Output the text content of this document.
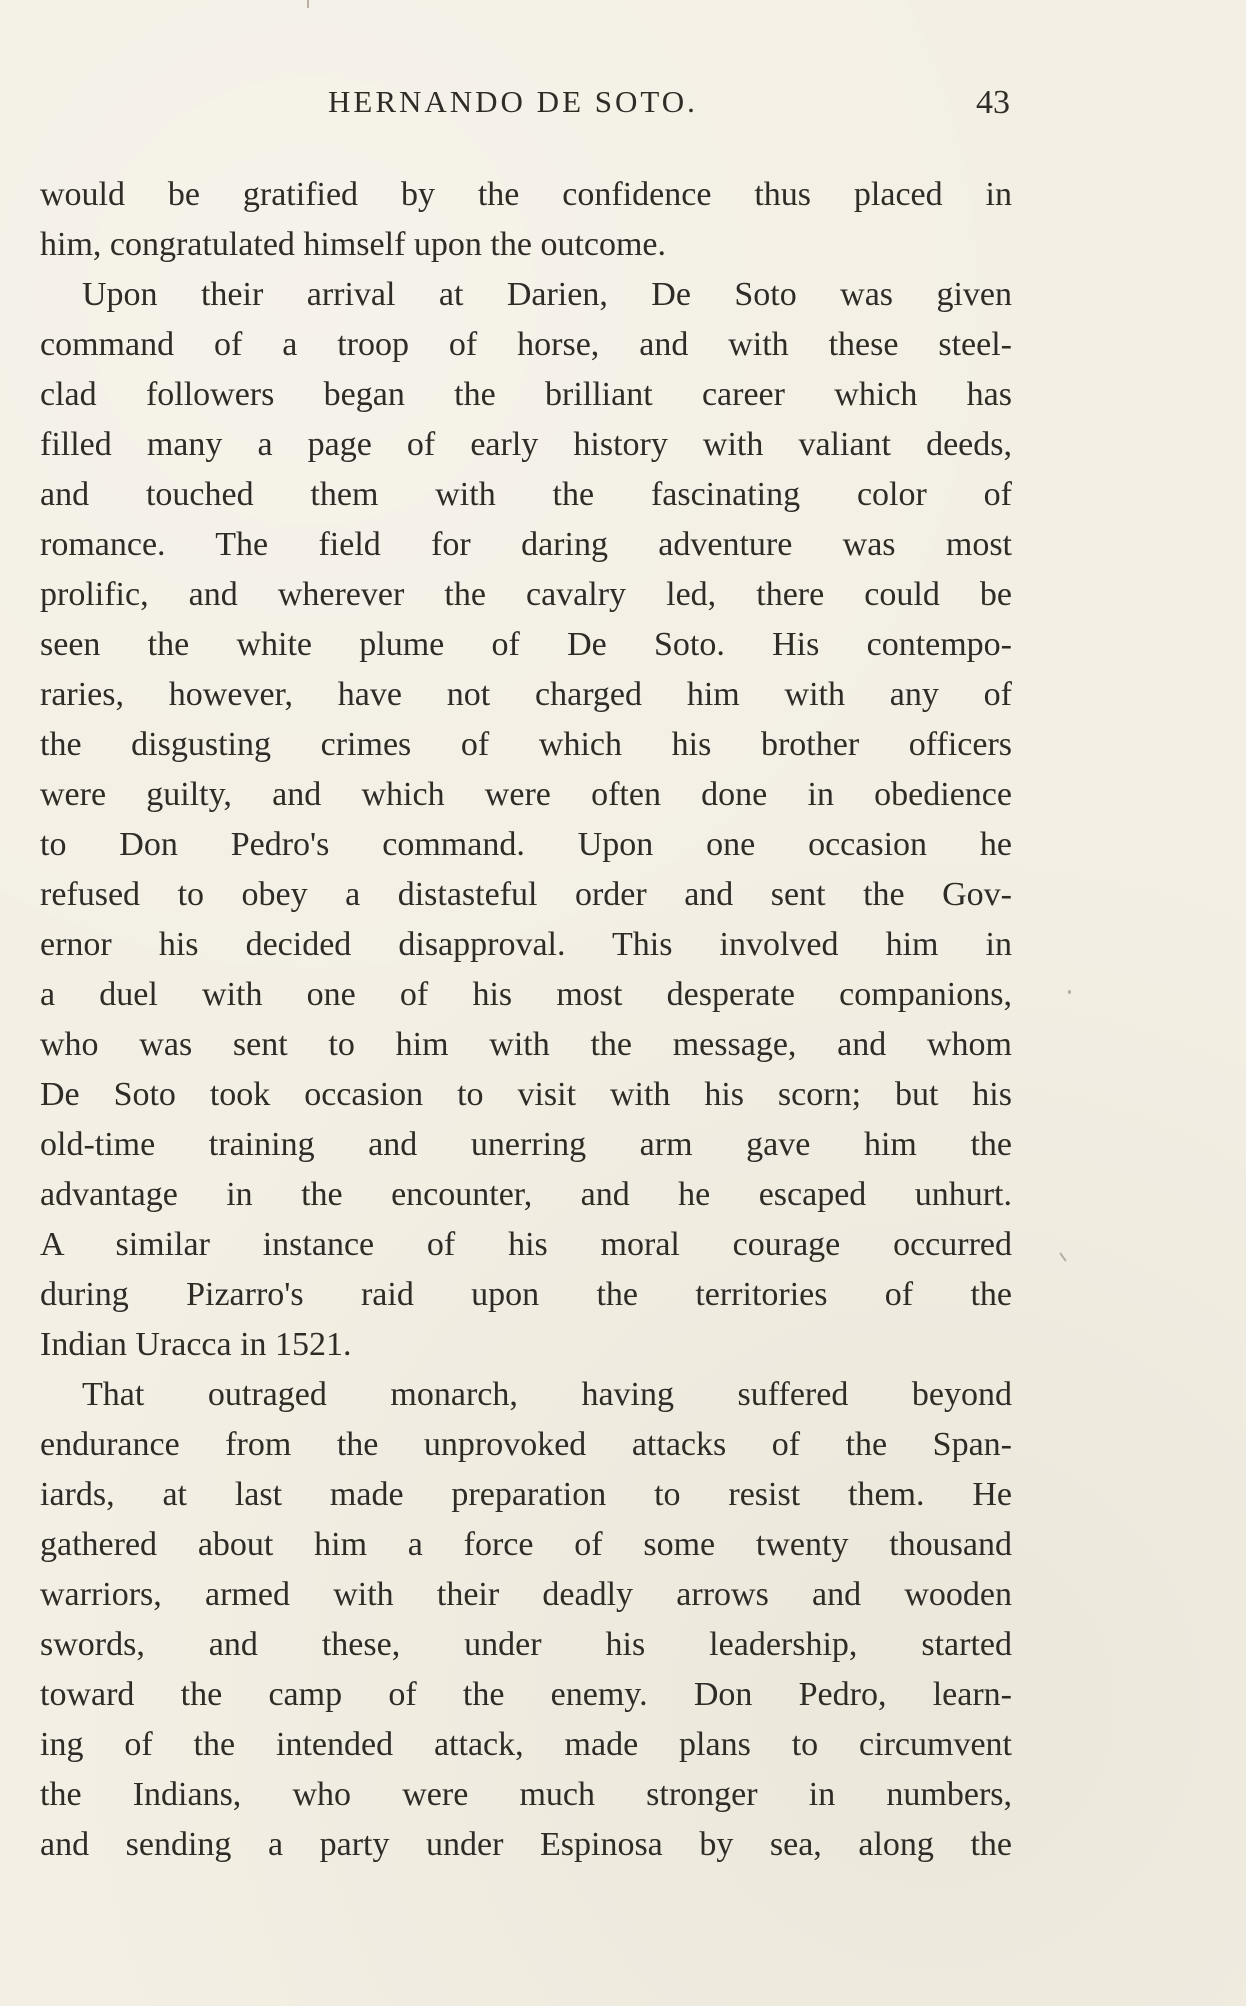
HERNANDO DE SOTO.	43
would be gratified by the confidence thus placed in
him, congratulated himself upon the outcome.
Upon their arrival at Darien, De Soto was given
command of a troop of horse, and with these steel-
clad followers began the brilliant career which has
filled many a page of early history with valiant deeds,
and touched them with the fascinating color of
romance. The field for daring adventure was most
prolific, and wherever the cavalry led, there could be
seen the white plume of De Soto. His contempo-
raries, however, have not charged him with any of
the disgusting crimes of which his brother officers
were guilty, and which were often done in obedience
to Don Pedro's command. Upon one occasion he
refused to obey a distasteful order and sent the Gov-
ernor his decided disapproval. This involved him in
a duel with one of his most desperate companions,
who was sent to him with the message, and whom
De Soto took occasion to visit with his scorn; but his
old-time training and unerring arm gave him the
advantage in the encounter, and he escaped unhurt.
A similar instance of his moral courage occurred
during Pizarro's raid upon the territories of the
Indian Uracca in 1521.
That outraged monarch, having suffered beyond
endurance from the unprovoked attacks of the Span-
iards, at last made preparation to resist them. He
gathered about him a force of some twenty thousand
warriors, armed with their deadly arrows and wooden
swords, and these, under his leadership, started
toward the camp of the enemy. Don Pedro, learn-
ing of the intended attack, made plans to circumvent
the Indians, who were much stronger in numbers,
and sending a party under Espinosa by sea, along the
